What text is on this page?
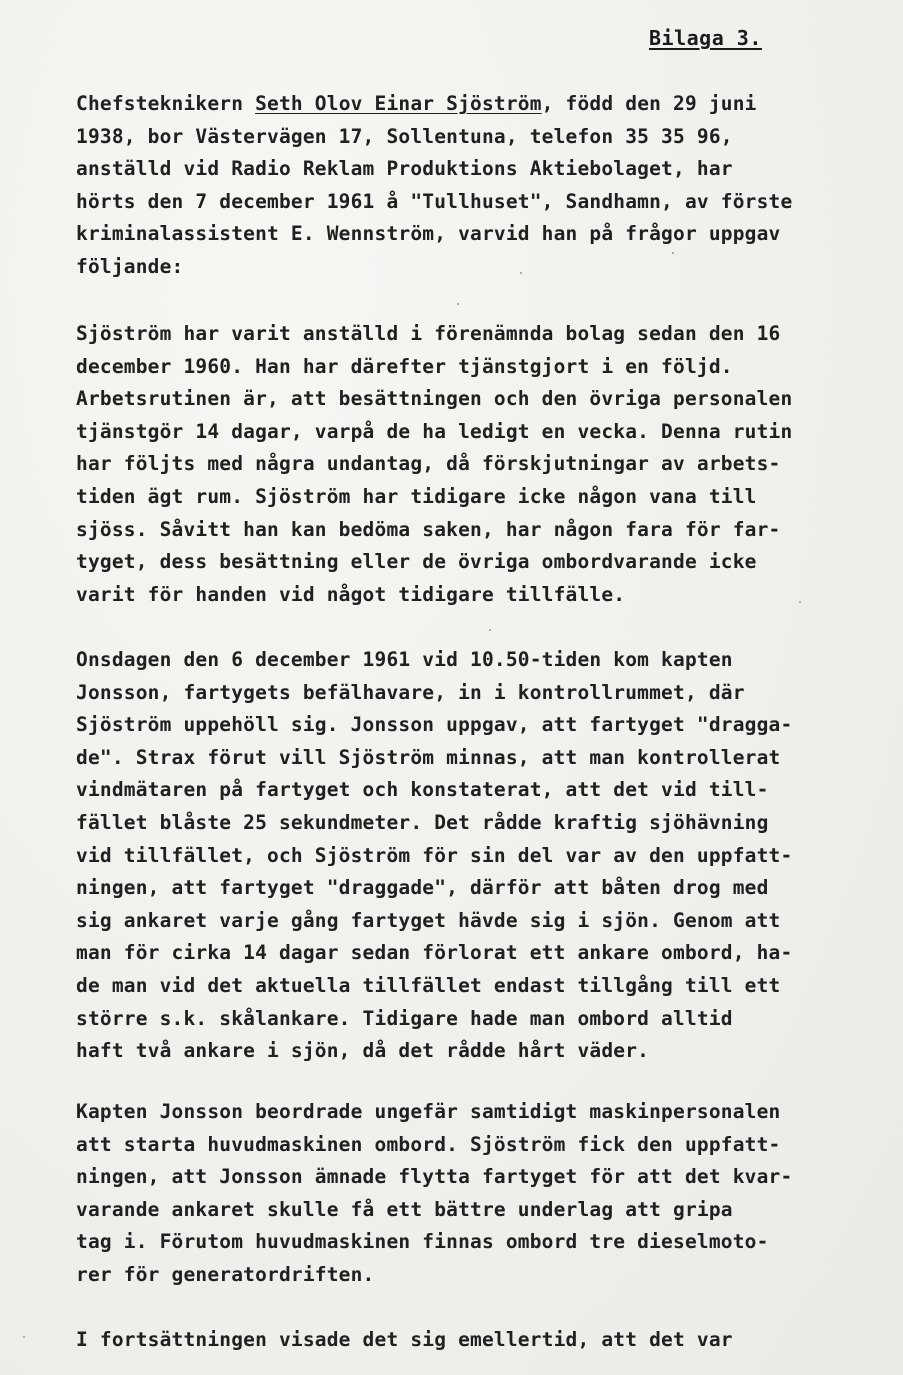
Bilaga 3.

Chefsteknikern Seth Olov Einar Sjöström, född den 29 juni
1938, bor Västervägen 17, Sollentuna, telefon 35 35 96,
anställd vid Radio Reklam Produktions Aktiebolaget, har
hörts den 7 december 1961 å "Tullhuset", Sandhamn, av förste
kriminalassistent E. Wennström, varvid han på frågor uppgav
följande:

Sjöström har varit anställd i förenämnda bolag sedan den 16
december 1960. Han har därefter tjänstgjort i en följd.
Arbetsrutinen är, att besättningen och den övriga personalen
tjänstgör 14 dagar, varpå de ha ledigt en vecka. Denna rutin
har följts med några undantag, då förskjutningar av arbets-
tiden ägt rum. Sjöström har tidigare icke någon vana till
sjöss. Såvitt han kan bedöma saken, har någon fara för far-
tyget, dess besättning eller de övriga ombordvarande icke
varit för handen vid något tidigare tillfälle.

Onsdagen den 6 december 1961 vid 10.50-tiden kom kapten
Jonsson, fartygets befälhavare, in i kontrollrummet, där
Sjöström uppehöll sig. Jonsson uppgav, att fartyget "dragga-
de". Strax förut vill Sjöström minnas, att man kontrollerat
vindmätaren på fartyget och konstaterat, att det vid till-
fället blåste 25 sekundmeter. Det rådde kraftig sjöhävning
vid tillfället, och Sjöström för sin del var av den uppfatt-
ningen, att fartyget "draggade", därför att båten drog med
sig ankaret varje gång fartyget hävde sig i sjön. Genom att
man för cirka 14 dagar sedan förlorat ett ankare ombord, ha-
de man vid det aktuella tillfället endast tillgång till ett
större s.k. skålankare. Tidigare hade man ombord alltid
haft två ankare i sjön, då det rådde hårt väder.

Kapten Jonsson beordrade ungefär samtidigt maskinpersonalen
att starta huvudmaskinen ombord. Sjöström fick den uppfatt-
ningen, att Jonsson ämnade flytta fartyget för att det kvar-
varande ankaret skulle få ett bättre underlag att gripa
tag i. Förutom huvudmaskinen finnas ombord tre dieselmoto-
rer för generatordriften.

I fortsättningen visade det sig emellertid, att det var
